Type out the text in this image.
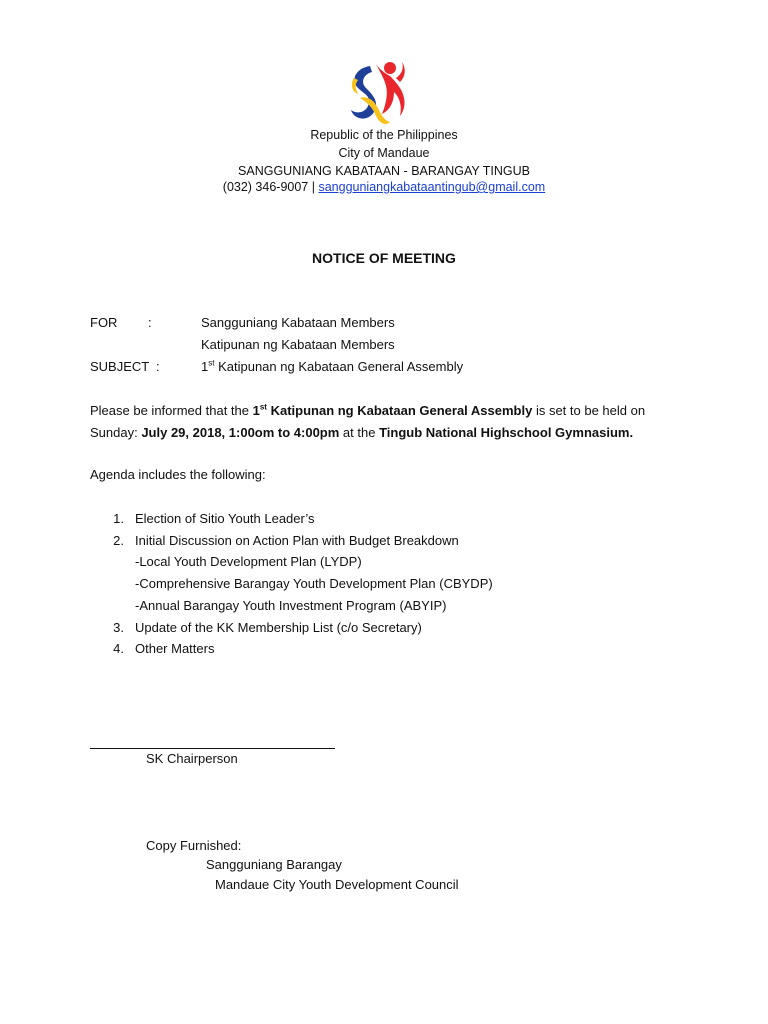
Republic of the Philippines
City of Mandaue
SANGGUNIANG KABATAAN - BARANGAY TINGUB
(032) 346-9007 | sangguniangkabataantingub@gmail.com
NOTICE OF MEETING
FOR :	Sangguniang Kabataan Members
Katipunan ng Kabataan Members
SUBJECT :	1st Katipunan ng Kabataan General Assembly
Please be informed that the 1st Katipunan ng Kabataan General Assembly is set to be held on
Sunday: July 29, 2018, 1:00om to 4:00pm at the Tingub National Highschool Gymnasium.
Agenda includes the following:
1. Election of Sitio Youth Leader’s
2. Initial Discussion on Action Plan with Budget Breakdown
-Local Youth Development Plan (LYDP)
-Comprehensive Barangay Youth Development Plan (CBYDP)
-Annual Barangay Youth Investment Program (ABYIP)
3. Update of the KK Membership List (c/o Secretary)
4. Other Matters
SK Chairperson
Copy Furnished:
Sangguniang Barangay
Mandaue City Youth Development Council
